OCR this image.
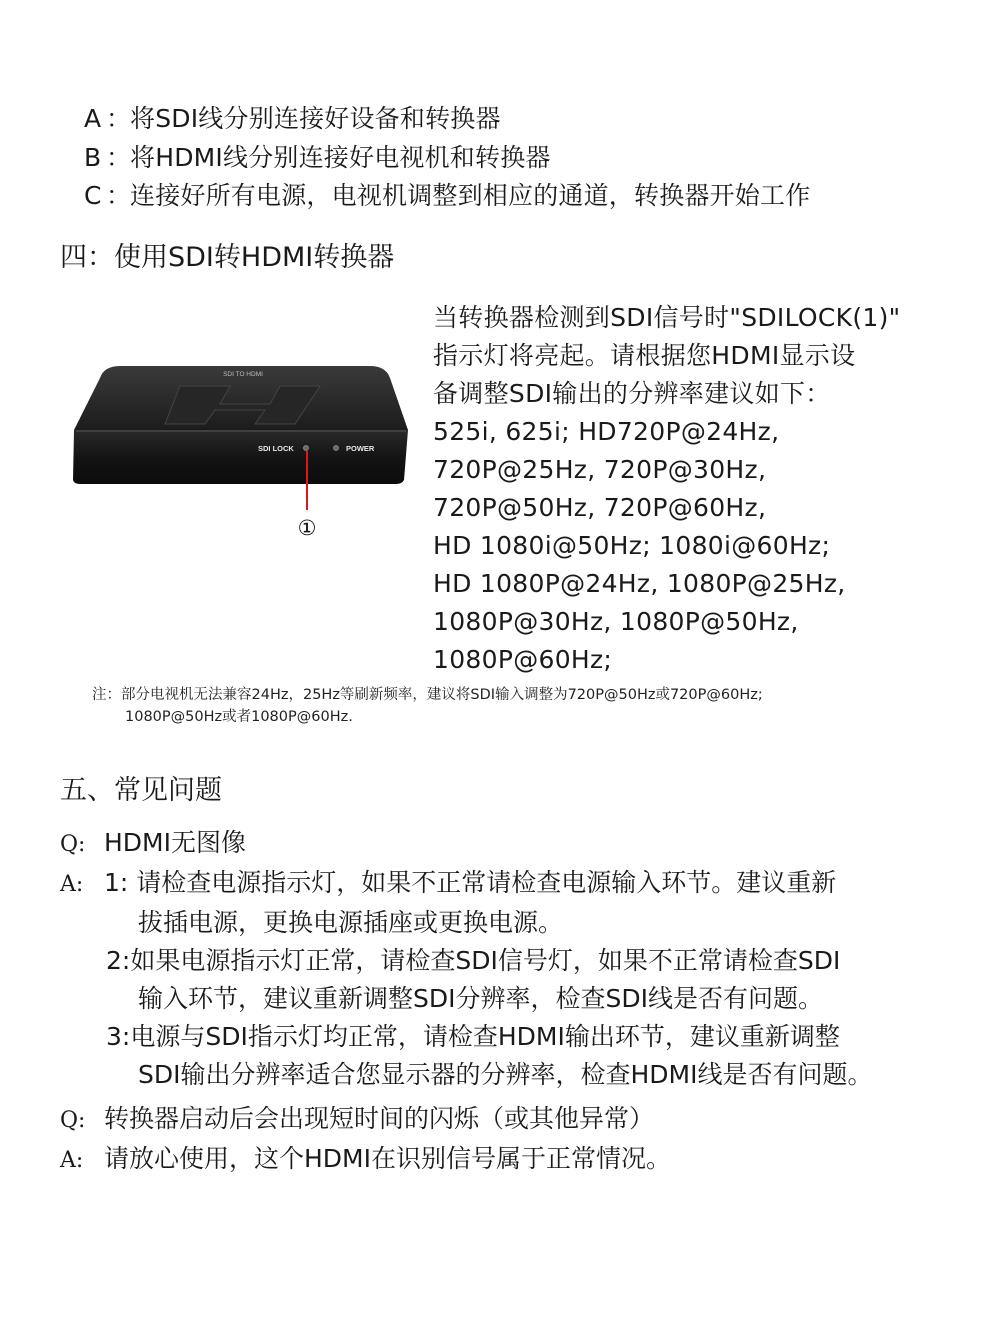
A ：将SDI线分别连接好设备和转换器
B ：将HDMI线分别连接好电视机和转换器
C ：连接好所有电源，电视机调整到相应的通道，转换器开始工作
四：使用SDI转HDMI转换器
SDI TO HDMI
SDI LOCK	POWER
①
当转换器检测到SDI信号时"SDILOCK(1)"
指示灯将亮起。请根据您HDMI显示设
备调整SDI输出的分辨率建议如下：
525i, 625i; HD720P@24Hz,
720P@25Hz, 720P@30Hz,
720P@50Hz, 720P@60Hz,
HD 1080i@50Hz; 1080i@60Hz;
HD 1080P@24Hz, 1080P@25Hz,
1080P@30Hz, 1080P@50Hz,
1080P@60Hz;
注：部分电视机无法兼容24Hz，25Hz等刷新频率，建议将SDI输入调整为720P@50Hz或720P@60Hz;
1080P@50Hz或者1080P@60Hz.
五、常见问题
Q: HDMI无图像
A: 1: 请检查电源指示灯，如果不正常请检查电源输入环节。建议重新
拔插电源，更换电源插座或更换电源。
2:如果电源指示灯正常，请检查SDI信号灯，如果不正常请检查SDI
输入环节，建议重新调整SDI分辨率，检查SDI线是否有问题。
3:电源与SDI指示灯均正常，请检查HDMI输出环节，建议重新调整
SDI输出分辨率适合您显示器的分辨率，检查HDMI线是否有问题。
Q: 转换器启动后会出现短时间的闪烁（或其他异常）
A: 请放心使用，这个HDMI在识别信号属于正常情况。
